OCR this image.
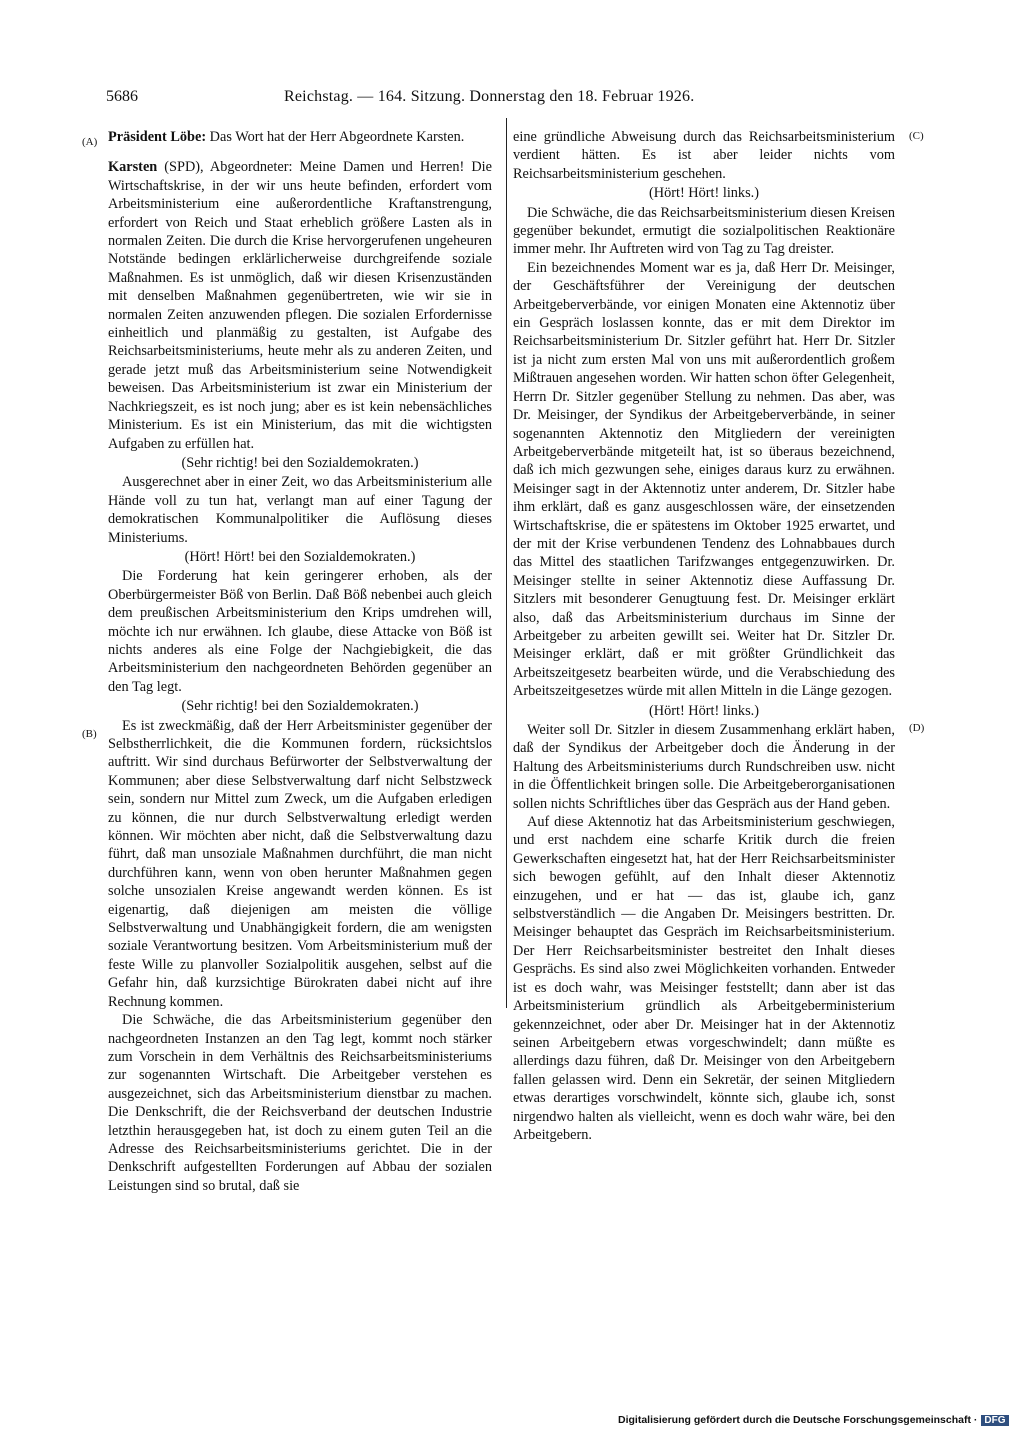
5686	Reichstag. — 164. Sitzung. Donnerstag den 18. Februar 1926.
(A)
(B)
(C)
(D)

Präsident Löbe: Das Wort hat der Herr Abgeordnete Karsten.

Karsten (SPD), Abgeordneter: Meine Damen und Herren! Die Wirtschaftskrise, in der wir uns heute befinden, erfordert vom Arbeitsministerium eine außerordentliche Kraftanstrengung, erfordert von Reich und Staat erheblich größere Lasten als in normalen Zeiten. Die durch die Krise hervorgerufenen ungeheuren Notstände bedingen erklärlicherweise durchgreifende soziale Maßnahmen. Es ist unmöglich, daß wir diesen Krisenzuständen mit denselben Maßnahmen gegenübertreten, wie wir sie in normalen Zeiten anzuwenden pflegen. Die sozialen Erfordernisse einheitlich und planmäßig zu gestalten, ist Aufgabe des Reichsarbeitsministeriums, heute mehr als zu anderen Zeiten, und gerade jetzt muß das Arbeitsministerium seine Notwendigkeit beweisen. Das Arbeitsministerium ist zwar ein Ministerium der Nachkriegszeit, es ist noch jung; aber es ist kein nebensächliches Ministerium. Es ist ein Ministerium, das mit die wichtigsten Aufgaben zu erfüllen hat.

(Sehr richtig! bei den Sozialdemokraten.)

Ausgerechnet aber in einer Zeit, wo das Arbeitsministerium alle Hände voll zu tun hat, verlangt man auf einer Tagung der demokratischen Kommunalpolitiker die Auflösung dieses Ministeriums.

(Hört! Hört! bei den Sozialdemokraten.)

Die Forderung hat kein geringerer erhoben, als der Oberbürgermeister Böß von Berlin. Daß Böß nebenbei auch gleich dem preußischen Arbeitsministerium den Krips umdrehen will, möchte ich nur erwähnen. Ich glaube, diese Attacke von Böß ist nichts anderes als eine Folge der Nachgiebigkeit, die das Arbeitsministerium den nachgeordneten Behörden gegenüber an den Tag legt.

(Sehr richtig! bei den Sozialdemokraten.)

Es ist zweckmäßig, daß der Herr Arbeitsminister gegenüber der Selbstherrlichkeit, die die Kommunen fordern, rücksichtslos auftritt. Wir sind durchaus Befürworter der Selbstverwaltung der Kommunen; aber diese Selbstverwaltung darf nicht Selbstzweck sein, sondern nur Mittel zum Zweck, um die Aufgaben erledigen zu können, die nur durch Selbstverwaltung erledigt werden können. Wir möchten aber nicht, daß die Selbstverwaltung dazu führt, daß man unsoziale Maßnahmen durchführt, die man nicht durchführen kann, wenn von oben herunter Maßnahmen gegen solche unsozialen Kreise angewandt werden können. Es ist eigenartig, daß diejenigen am meisten die völlige Selbstverwaltung und Unabhängigkeit fordern, die am wenigsten soziale Verantwortung besitzen. Vom Arbeitsministerium muß der feste Wille zu planvoller Sozialpolitik ausgehen, selbst auf die Gefahr hin, daß kurzsichtige Bürokraten dabei nicht auf ihre Rechnung kommen.

Die Schwäche, die das Arbeitsministerium gegenüber den nachgeordneten Instanzen an den Tag legt, kommt noch stärker zum Vorschein in dem Verhältnis des Reichsarbeitsministeriums zur sogenannten Wirtschaft. Die Arbeitgeber verstehen es ausgezeichnet, sich das Arbeitsministerium dienstbar zu machen. Die Denkschrift, die der Reichsverband der deutschen Industrie letzthin herausgegeben hat, ist doch zu einem guten Teil an die Adresse des Reichsarbeitsministeriums gerichtet. Die in der Denkschrift aufgestellten Forderungen auf Abbau der sozialen Leistungen sind so brutal, daß sie

eine gründliche Abweisung durch das Reichsarbeitsministerium verdient hätten. Es ist aber leider nichts vom Reichsarbeitsministerium geschehen.

(Hört! Hört! links.)

Die Schwäche, die das Reichsarbeitsministerium diesen Kreisen gegenüber bekundet, ermutigt die sozialpolitischen Reaktionäre immer mehr. Ihr Auftreten wird von Tag zu Tag dreister.

Ein bezeichnendes Moment war es ja, daß Herr Dr. Meisinger, der Geschäftsführer der Vereinigung der deutschen Arbeitgeberverbände, vor einigen Monaten eine Aktennotiz über ein Gespräch loslassen konnte, das er mit dem Direktor im Reichsarbeitsministerium Dr. Sitzler geführt hat. Herr Dr. Sitzler ist ja nicht zum ersten Mal von uns mit außerordentlich großem Mißtrauen angesehen worden. Wir hatten schon öfter Gelegenheit, Herrn Dr. Sitzler gegenüber Stellung zu nehmen. Das aber, was Dr. Meisinger, der Syndikus der Arbeitgeberverbände, in seiner sogenannten Aktennotiz den Mitgliedern der vereinigten Arbeitgeberverbände mitgeteilt hat, ist so überaus bezeichnend, daß ich mich gezwungen sehe, einiges daraus kurz zu erwähnen. Meisinger sagt in der Aktennotiz unter anderem, Dr. Sitzler habe ihm erklärt, daß es ganz ausgeschlossen wäre, der einsetzenden Wirtschaftskrise, die er spätestens im Oktober 1925 erwartet, und der mit der Krise verbundenen Tendenz des Lohnabbaues durch das Mittel des staatlichen Tarifzwanges entgegenzuwirken. Dr. Meisinger stellte in seiner Aktennotiz diese Auffassung Dr. Sitzlers mit besonderer Genugtuung fest. Dr. Meisinger erklärt also, daß das Arbeitsministerium durchaus im Sinne der Arbeitgeber zu arbeiten gewillt sei. Weiter hat Dr. Sitzler Dr. Meisinger erklärt, daß er mit größter Gründlichkeit das Arbeitszeitgesetz bearbeiten würde, und die Verabschiedung des Arbeitszeitgesetzes würde mit allen Mitteln in die Länge gezogen.

(Hört! Hört! links.)

Weiter soll Dr. Sitzler in diesem Zusammenhang erklärt haben, daß der Syndikus der Arbeitgeber doch die Änderung in der Haltung des Arbeitsministeriums durch Rundschreiben usw. nicht in die Öffentlichkeit bringen solle. Die Arbeitgeberorganisationen sollen nichts Schriftliches über das Gespräch aus der Hand geben.

Auf diese Aktennotiz hat das Arbeitsministerium geschwiegen, und erst nachdem eine scharfe Kritik durch die freien Gewerkschaften eingesetzt hat, hat der Herr Reichsarbeitsminister sich bewogen gefühlt, auf den Inhalt dieser Aktennotiz einzugehen, und er hat — das ist, glaube ich, ganz selbstverständlich — die Angaben Dr. Meisingers bestritten. Dr. Meisinger behauptet das Gespräch im Reichsarbeitsministerium. Der Herr Reichsarbeitsminister bestreitet den Inhalt dieses Gesprächs. Es sind also zwei Möglichkeiten vorhanden. Entweder ist es doch wahr, was Meisinger feststellt; dann aber ist das Arbeitsministerium gründlich als Arbeitgeberministerium gekennzeichnet, oder aber Dr. Meisinger hat in der Aktennotiz seinen Arbeitgebern etwas vorgeschwindelt; dann müßte es allerdings dazu führen, daß Dr. Meisinger von den Arbeitgebern fallen gelassen wird. Denn ein Sekretär, der seinen Mitgliedern etwas derartiges vorschwindelt, könnte sich, glaube ich, sonst nirgendwo halten als vielleicht, wenn es doch wahr wäre, bei den Arbeitgebern.

Digitalisierung gefördert durch die Deutsche Forschungsgemeinschaft · DFG
